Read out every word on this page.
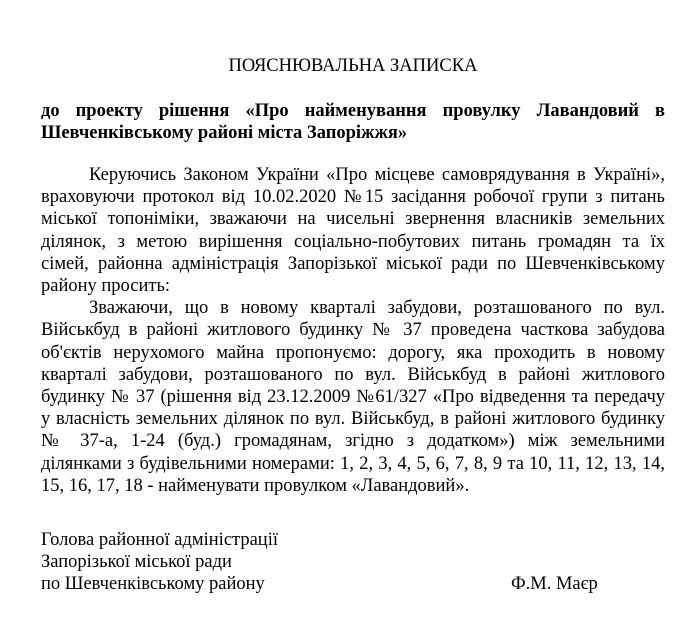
ПОЯСНЮВАЛЬНА ЗАПИСКА
до проекту рішення «Про найменування провулку Лавандовий в
Шевченківському районі міста Запоріжжя»
Керуючись Законом України «Про місцеве самоврядування в Україні»,
враховуючи протокол від 10.02.2020 №15 засідання робочої групи з питань
міської топоніміки, зважаючи на чисельні звернення власників земельних
ділянок, з метою вирішення соціально-побутових питань громадян та їх
сімей, районна адміністрація Запорізької міської ради по Шевченківському
району просить:
Зважаючи, що в новому кварталі забудови, розташованого по вул.
Військбуд в районі житлового будинку № 37 проведена часткова забудова
об'єктів нерухомого майна пропонуємо: дорогу, яка проходить в новому
кварталі забудови, розташованого по вул. Військбуд в районі житлового
будинку № 37 (рішення від 23.12.2009 №61/327 «Про відведення та передачу
у власність земельних ділянок по вул. Військбуд, в районі житлового будинку
№ 37-а, 1-24 (буд.) громадянам, згідно з додатком») між земельними
ділянками з будівельними номерами: 1, 2, 3, 4, 5, 6, 7, 8, 9 та 10, 11, 12, 13, 14,
15, 16, 17, 18 - найменувати провулком «Лавандовий».
Голова районної адміністрації
Запорізької міської ради
по Шевченківському району	Ф.М. Маєр
